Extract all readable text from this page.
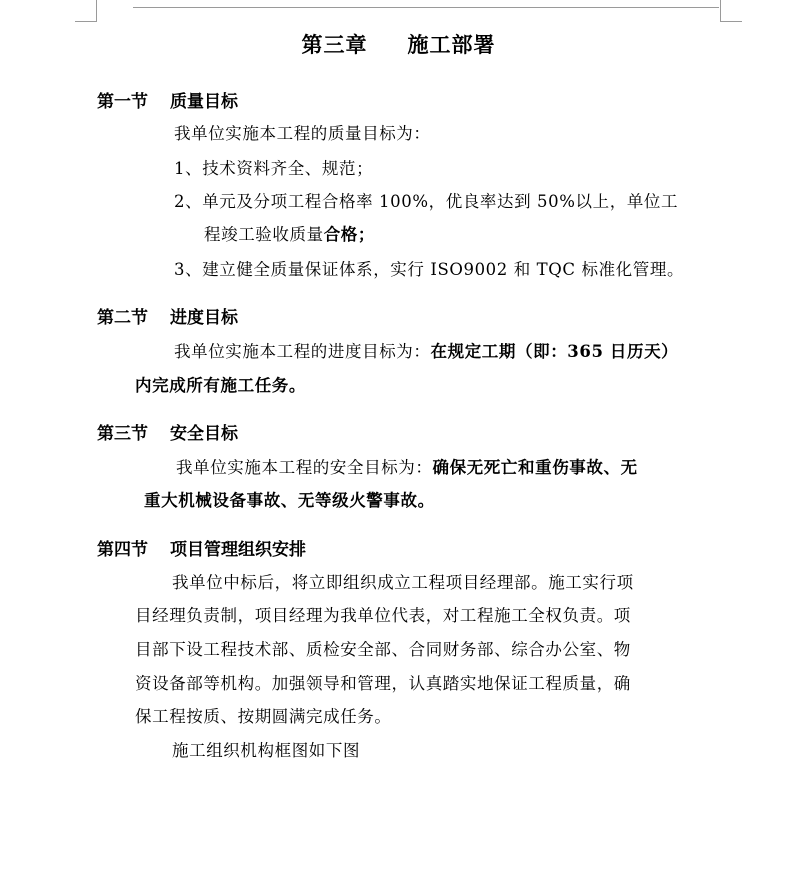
第三章 施工部署
第一节 质量目标
我单位实施本工程的质量目标为：
1、技术资料齐全、规范；
2、单元及分项工程合格率 100%，优良率达到 50%以上，单位工
程竣工验收质量合格；
3、建立健全质量保证体系，实行 ISO9002 和 TQC 标准化管理。
第二节 进度目标
我单位实施本工程的进度目标为：在规定工期（即：365 日历天）
内完成所有施工任务。
第三节 安全目标
我单位实施本工程的安全目标为：确保无死亡和重伤事故、无
重大机械设备事故、无等级火警事故。
第四节 项目管理组织安排
我单位中标后，将立即组织成立工程项目经理部。施工实行项
目经理负责制，项目经理为我单位代表，对工程施工全权负责。项
目部下设工程技术部、质检安全部、合同财务部、综合办公室、物
资设备部等机构。加强领导和管理，认真踏实地保证工程质量，确
保工程按质、按期圆满完成任务。
施工组织机构框图如下图
